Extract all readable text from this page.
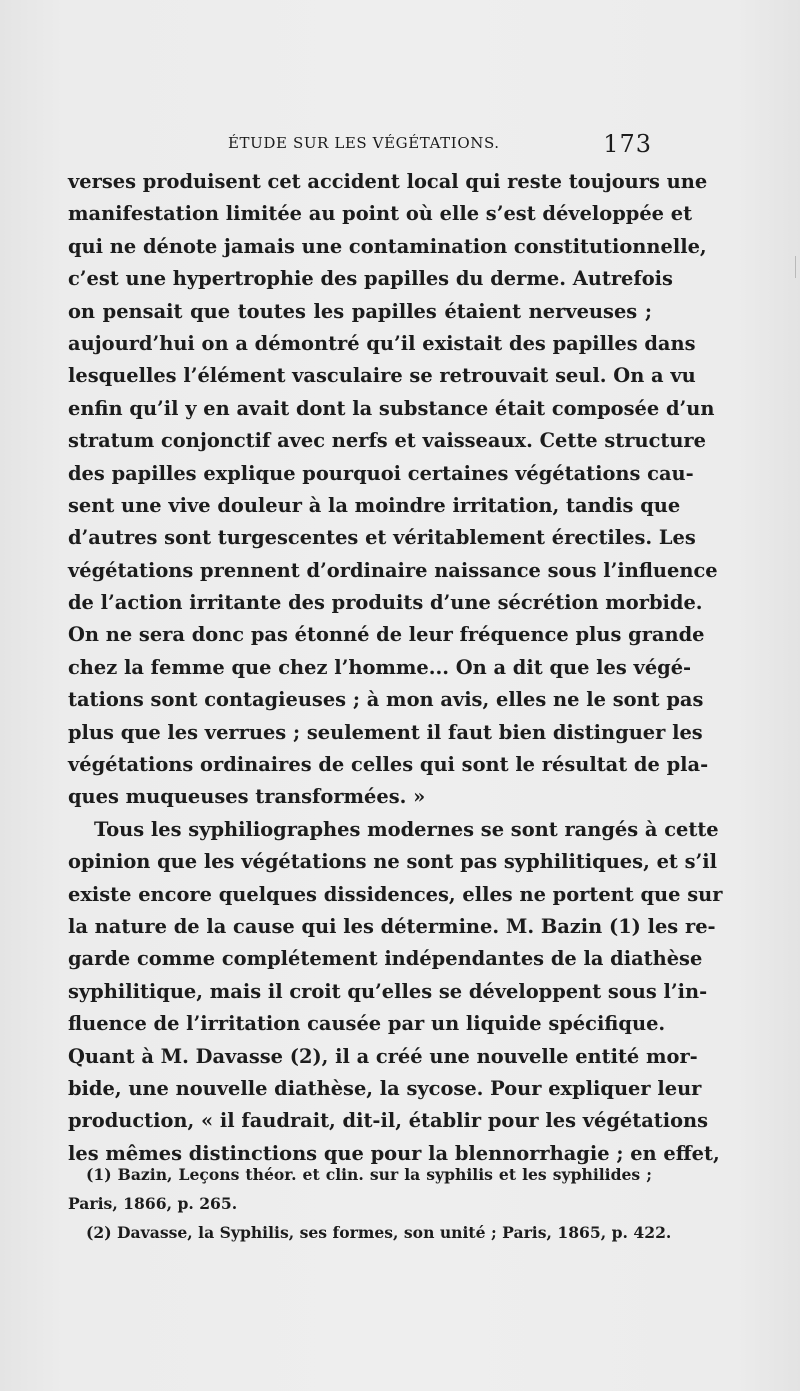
ÉTUDE SUR LES VÉGÉTATIONS.	173
verses produisent cet accident local qui reste toujours une
manifestation limitée au point où elle s’est développée et
qui ne dénote jamais une contamination constitutionnelle,
c’est une hypertrophie des papilles du derme. Autrefois
on pensait que toutes les papilles étaient nerveuses ;
aujourd’hui on a démontré qu’il existait des papilles dans
lesquelles l’élément vasculaire se retrouvait seul. On a vu
enfin qu’il y en avait dont la substance était composée d’un
stratum conjonctif avec nerfs et vaisseaux. Cette structure
des papilles explique pourquoi certaines végétations cau-
sent une vive douleur à la moindre irritation, tandis que
d’autres sont turgescentes et véritablement érectiles. Les
végétations prennent d’ordinaire naissance sous l’influence
de l’action irritante des produits d’une sécrétion morbide.
On ne sera donc pas étonné de leur fréquence plus grande
chez la femme que chez l’homme... On a dit que les végé-
tations sont contagieuses ; à mon avis, elles ne le sont pas
plus que les verrues ; seulement il faut bien distinguer les
végétations ordinaires de celles qui sont le résultat de pla-
ques muqueuses transformées. »
Tous les syphiliographes modernes se sont rangés à cette
opinion que les végétations ne sont pas syphilitiques, et s’il
existe encore quelques dissidences, elles ne portent que sur
la nature de la cause qui les détermine. M. Bazin (1) les re-
garde comme complétement indépendantes de la diathèse
syphilitique, mais il croit qu’elles se développent sous l’in-
fluence de l’irritation causée par un liquide spécifique.
Quant à M. Davasse (2), il a créé une nouvelle entité mor-
bide, une nouvelle diathèse, la sycose. Pour expliquer leur
production, « il faudrait, dit-il, établir pour les végétations
les mêmes distinctions que pour la blennorrhagie ; en effet,
(1) Bazin, Leçons théor. et clin. sur la syphilis et les syphilides ;
Paris, 1866, p. 265.
(2) Davasse, la Syphilis, ses formes, son unité ; Paris, 1865, p. 422.
